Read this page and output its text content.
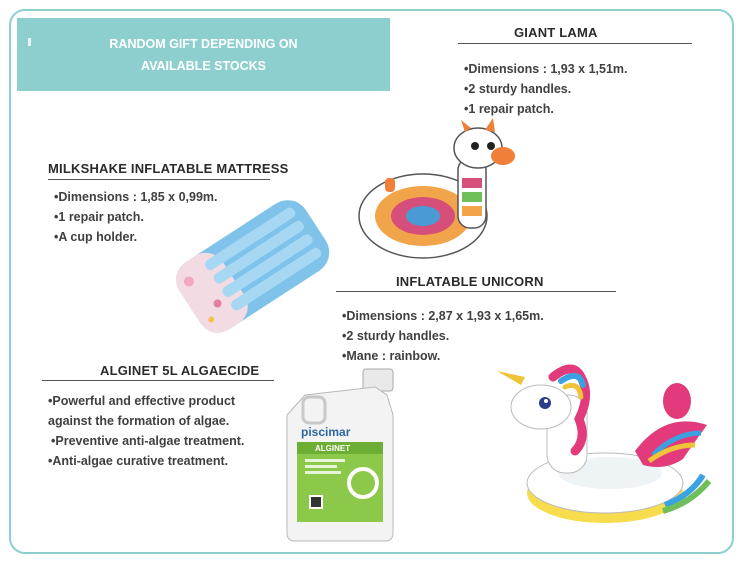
RANDOM GIFT DEPENDING ON
AVAILABLE STOCKS
GIANT LAMA
• Dimensions : 1,93 x 1,51m.
• 2 sturdy handles.
• 1 repair patch.
MILKSHAKE INFLATABLE MATTRESS
• Dimensions : 1,85 x 0,99m.
• 1 repair patch.
• A cup holder.
INFLATABLE UNICORN
• Dimensions : 2,87 x 1,93 x 1,65m.
• 2 sturdy handles.
• Mane : rainbow.
ALGINET 5L ALGAECIDE
• Powerful and effective product against the formation of algae.
• Preventive anti-algae treatment.
• Anti-algae curative treatment.
piscimar
ALGINET
